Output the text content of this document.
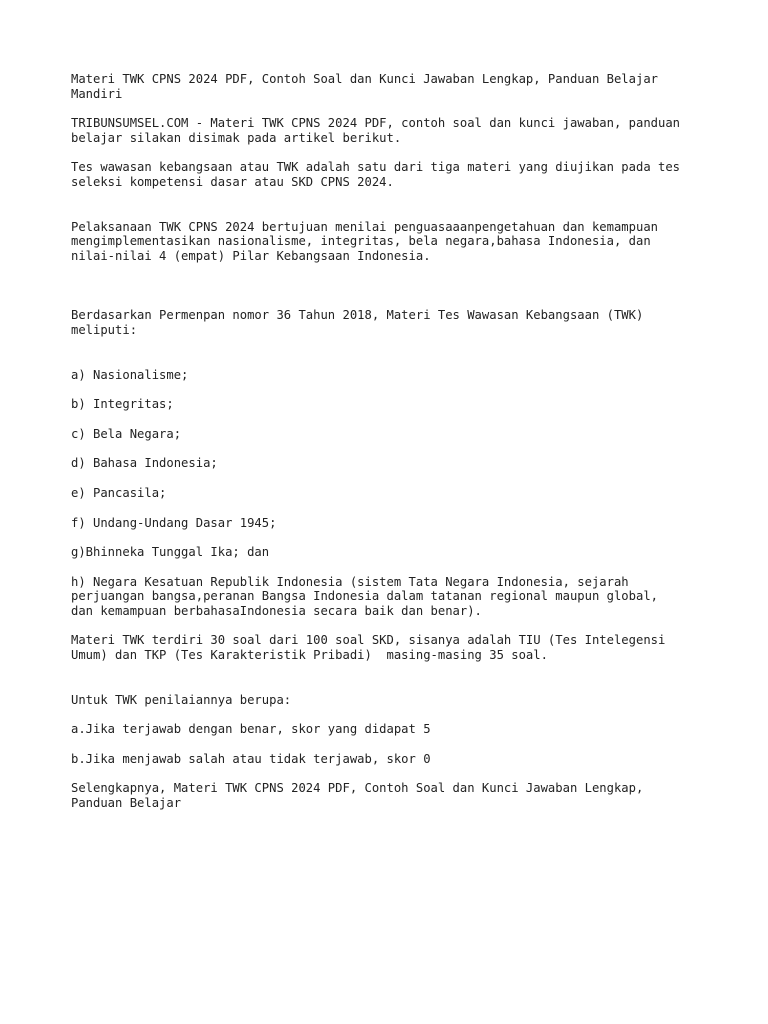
Materi TWK CPNS 2024 PDF, Contoh Soal dan Kunci Jawaban Lengkap, Panduan Belajar
Mandiri

TRIBUNSUMSEL.COM - Materi TWK CPNS 2024 PDF, contoh soal dan kunci jawaban, panduan
belajar silakan disimak pada artikel berikut.

Tes wawasan kebangsaan atau TWK adalah satu dari tiga materi yang diujikan pada tes
seleksi kompetensi dasar atau SKD CPNS 2024.

Pelaksanaan TWK CPNS 2024 bertujuan menilai penguasaaanpengetahuan dan kemampuan
mengimplementasikan nasionalisme, integritas, bela negara,bahasa Indonesia, dan
nilai-nilai 4 (empat) Pilar Kebangsaan Indonesia.

Berdasarkan Permenpan nomor 36 Tahun 2018, Materi Tes Wawasan Kebangsaan (TWK)
meliputi:

a) Nasionalisme;

b) Integritas;

c) Bela Negara;

d) Bahasa Indonesia;

e) Pancasila;

f) Undang-Undang Dasar 1945;

g)Bhinneka Tunggal Ika; dan

h) Negara Kesatuan Republik Indonesia (sistem Tata Negara Indonesia, sejarah
perjuangan bangsa,peranan Bangsa Indonesia dalam tatanan regional maupun global,
dan kemampuan berbahasaIndonesia secara baik dan benar).

Materi TWK terdiri 30 soal dari 100 soal SKD, sisanya adalah TIU (Tes Intelegensi
Umum) dan TKP (Tes Karakteristik Pribadi)  masing-masing 35 soal.

Untuk TWK penilaiannya berupa:

a.Jika terjawab dengan benar, skor yang didapat 5

b.Jika menjawab salah atau tidak terjawab, skor 0

Selengkapnya, Materi TWK CPNS 2024 PDF, Contoh Soal dan Kunci Jawaban Lengkap,
Panduan Belajar
